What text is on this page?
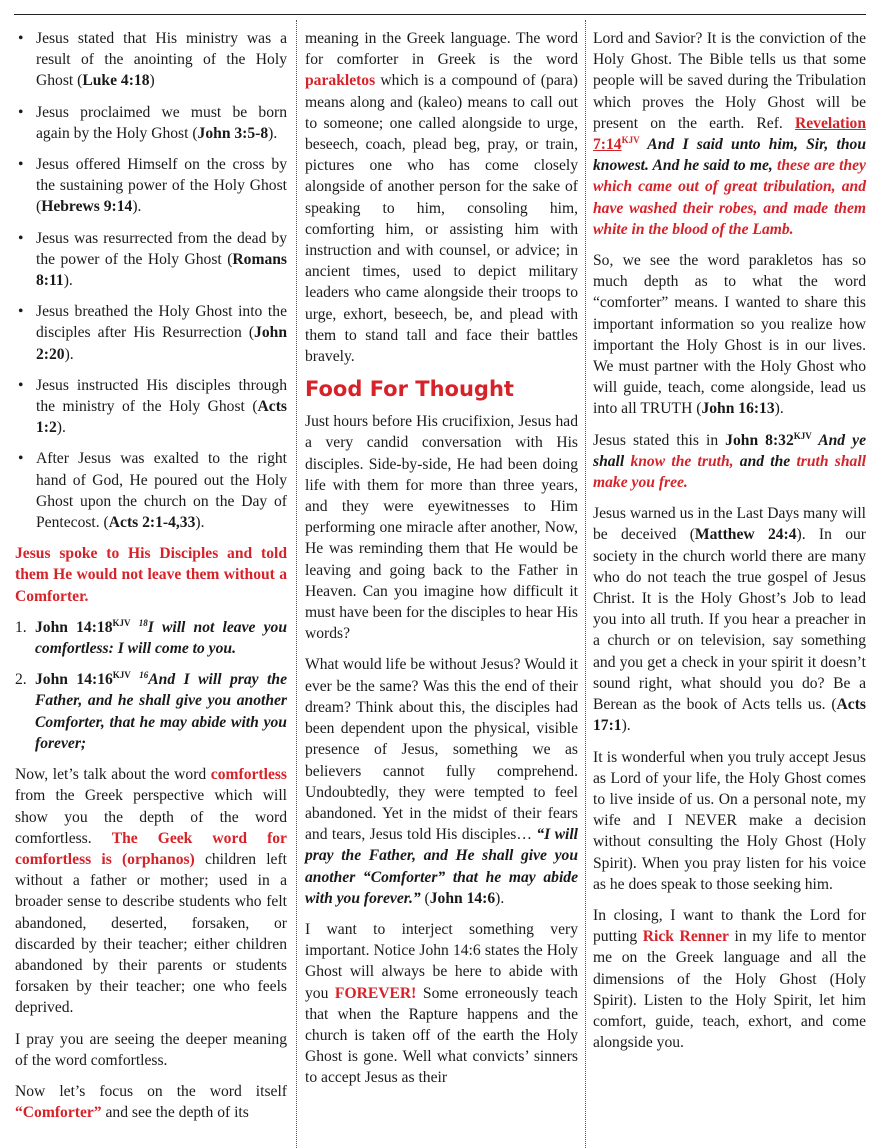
• Jesus stated that His ministry was a result of the anointing of the Holy Ghost (Luke 4:18)
• Jesus proclaimed we must be born again by the Holy Ghost (John 3:5-8).
• Jesus offered Himself on the cross by the sustaining power of the Holy Ghost (Hebrews 9:14).
• Jesus was resurrected from the dead by the power of the Holy Ghost (Romans 8:11).
• Jesus breathed the Holy Ghost into the disciples after His Resurrection (John 2:20).
• Jesus instructed His disciples through the ministry of the Holy Ghost (Acts 1:2).
• After Jesus was exalted to the right hand of God, He poured out the Holy Ghost upon the church on the Day of Pentecost. (Acts 2:1-4,33).
Jesus spoke to His Disciples and told them He would not leave them without a Comforter.
1. John $14:18^{KJV}$ $^{18}$I will not leave you comfortless: I will come to you.
2. John $14:16^{KJV}$ $^{16}$And I will pray the Father, and he shall give you another Comforter, that he may abide with you forever;

Now, let’s talk about the word comfortless from the Greek perspective which will show you the depth of the word comfortless. The Geek word for comfortless is (orphanos) children left without a father or mother; used in a broader sense to describe students who felt abandoned, deserted, forsaken, or discarded by their teacher; either children abandoned by their parents or students forsaken by their teacher; one who feels deprived.

I pray you are seeing the deeper meaning of the word comfortless.

Now let’s focus on the word itself “Comforter” and see the depth of its

meaning in the Greek language. The word for comforter in Greek is the word parakletos which is a compound of (para) means along and (kaleo) means to call out to someone; one called alongside to urge, beseech, coach, plead beg, pray, or train, pictures one who has come closely alongside of another person for the sake of speaking to him, consoling him, comforting him, or assisting him with instruction and with counsel, or advice; in ancient times, used to depict military leaders who came alongside their troops to urge, exhort, beseech, be, and plead with them to stand tall and face their battles bravely.

Food For Thought

Just hours before His crucifixion, Jesus had a very candid conversation with His disciples. Side-by-side, He had been doing life with them for more than three years, and they were eyewitnesses to Him performing one miracle after another, Now, He was reminding them that He would be leaving and going back to the Father in Heaven. Can you imagine how difficult it must have been for the disciples to hear His words?

What would life be without Jesus? Would it ever be the same? Was this the end of their dream? Think about this, the disciples had been dependent upon the physical, visible presence of Jesus, something we as believers cannot fully comprehend. Undoubtedly, they were tempted to feel abandoned. Yet in the midst of their fears and tears, Jesus told His disciples… “I will pray the Father, and He shall give you another “Comforter” that he may abide with you forever.” (John 14:6).

I want to interject something very important. Notice John 14:6 states the Holy Ghost will always be here to abide with you FOREVER! Some erroneously teach that when the Rapture happens and the church is taken off of the earth the Holy Ghost is gone. Well what convicts’ sinners to accept Jesus as their

Lord and Savior? It is the conviction of the Holy Ghost. The Bible tells us that some people will be saved during the Tribulation which proves the Holy Ghost will be present on the earth. Ref. Revelation $7:14^{KJV}$ And I said unto him, Sir, thou knowest. And he said to me, these are they which came out of great tribulation, and have washed their robes, and made them white in the blood of the Lamb.

So, we see the word parakletos has so much depth as to what the word “comforter” means. I wanted to share this important information so you realize how important the Holy Ghost is in our lives. We must partner with the Holy Ghost who will guide, teach, come alongside, lead us into all TRUTH (John 16:13).

Jesus stated this in John $8:32^{KJV}$ And ye shall know the truth, and the truth shall make you free.

Jesus warned us in the Last Days many will be deceived (Matthew 24:4). In our society in the church world there are many who do not teach the true gospel of Jesus Christ. It is the Holy Ghost’s Job to lead you into all truth. If you hear a preacher in a church or on television, say something and you get a check in your spirit it doesn’t sound right, what should you do? Be a Berean as the book of Acts tells us. (Acts 17:1).

It is wonderful when you truly accept Jesus as Lord of your life, the Holy Ghost comes to live inside of us. On a personal note, my wife and I NEVER make a decision without consulting the Holy Ghost (Holy Spirit). When you pray listen for his voice as he does speak to those seeking him.

In closing, I want to thank the Lord for putting Rick Renner in my life to mentor me on the Greek language and all the dimensions of the Holy Ghost (Holy Spirit). Listen to the Holy Spirit, let him comfort, guide, teach, exhort, and come alongside you.
